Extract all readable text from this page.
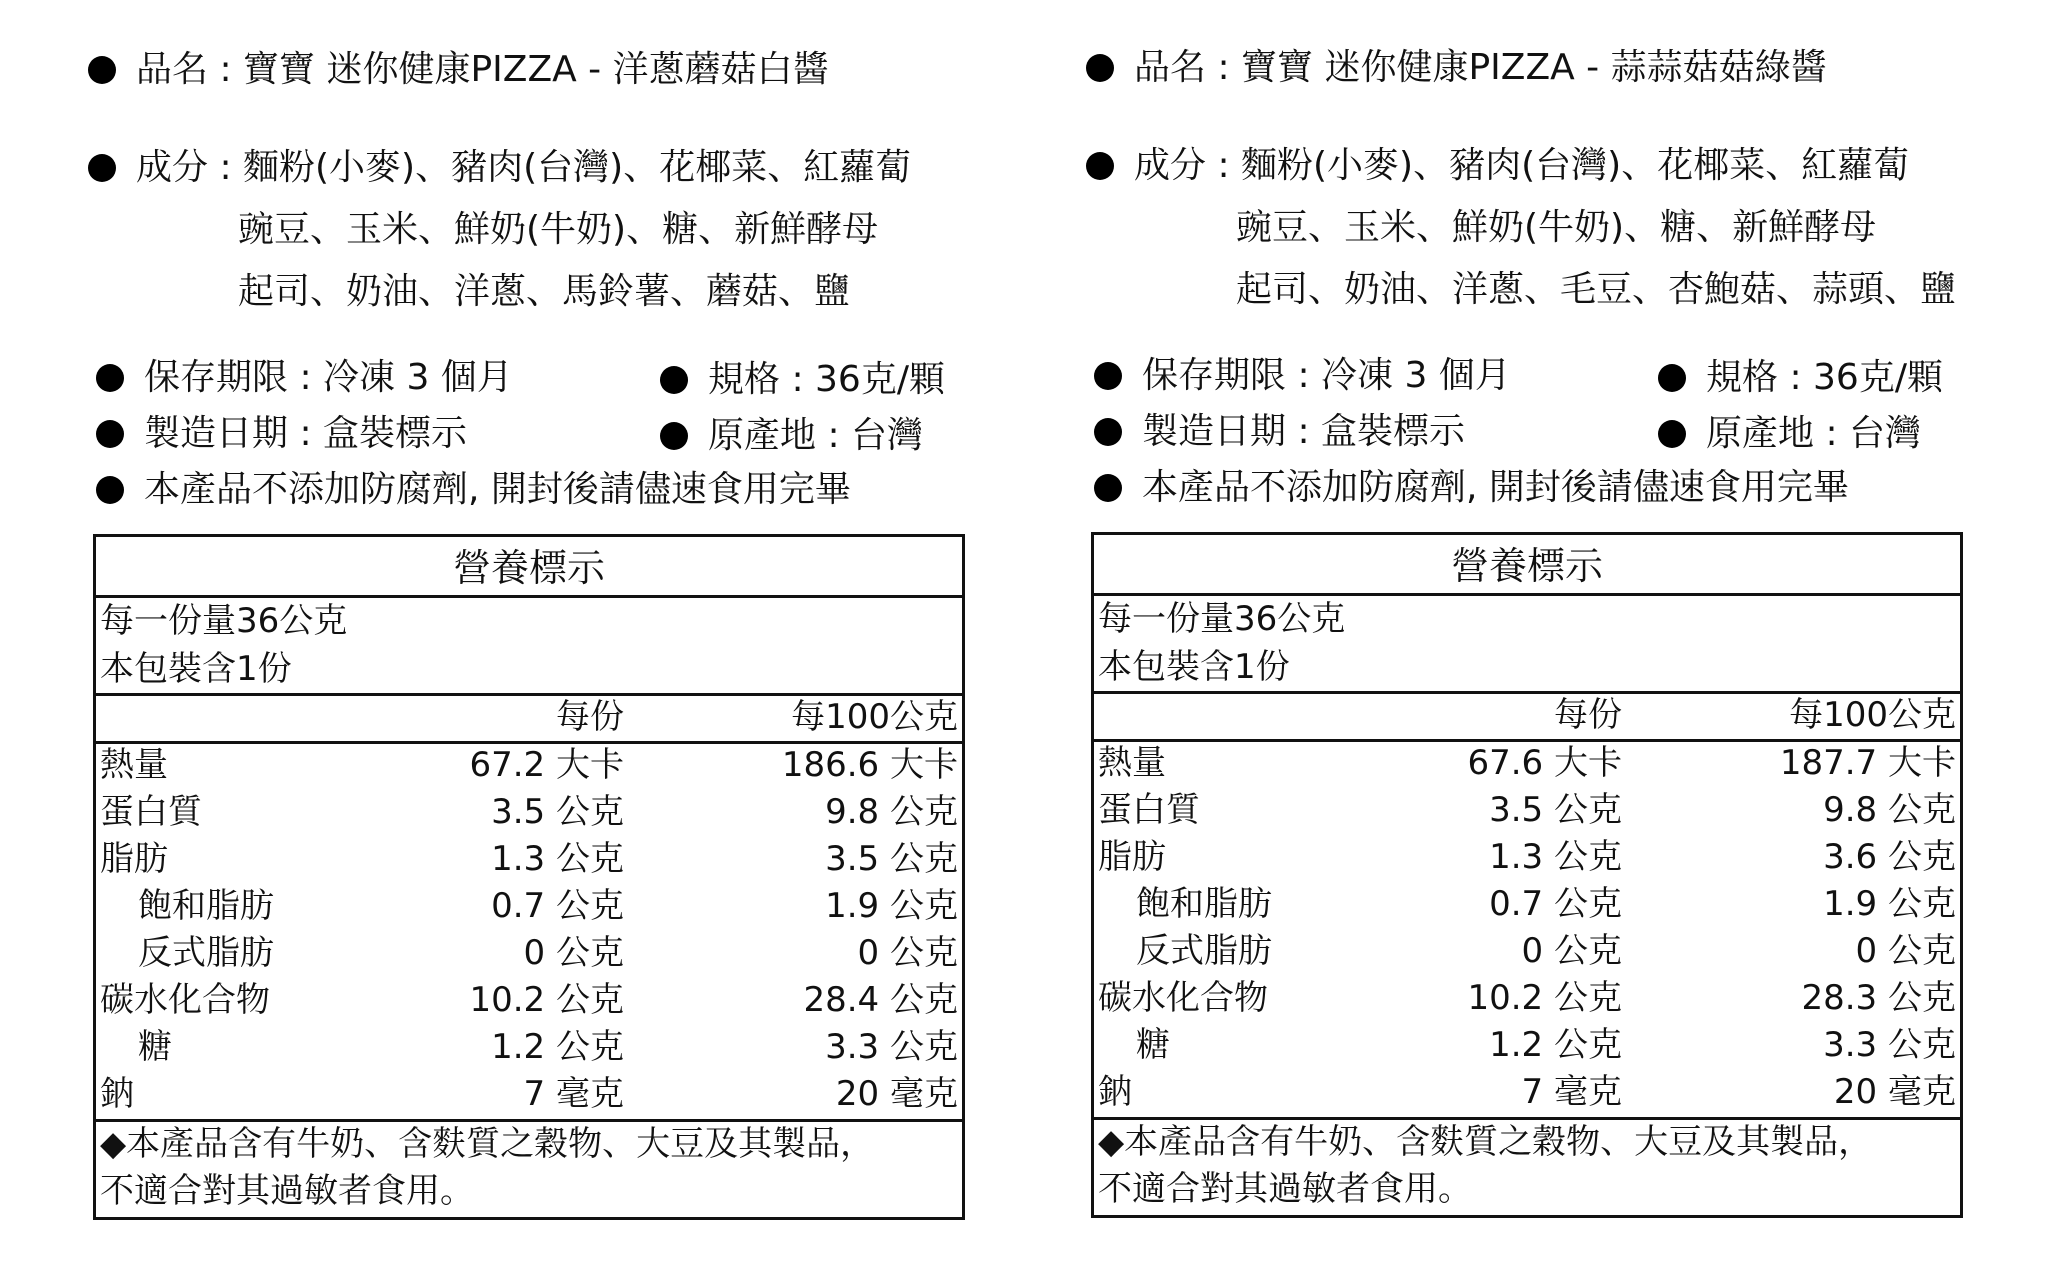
品名 : 寶寶 迷你健康PIZZA - 洋蔥蘑菇白醬
成分 : 麵粉(小麥)、豬肉(台灣)、花椰菜、紅蘿蔔
豌豆、玉米、鮮奶(牛奶)、糖、新鮮酵母
起司、奶油、洋蔥、馬鈴薯、蘑菇、鹽
保存期限 : 冷凍 3 個月	規格 : 36克/顆
製造日期 : 盒裝標示	原產地 : 台灣
本產品不添加防腐劑, 開封後請儘速食用完畢
營養標示
每一份量36公克
本包裝含1份
每份	每100公克
熱量	67.2 大卡	186.6 大卡
蛋白質	3.5 公克	9.8 公克
脂肪	1.3 公克	3.5 公克
飽和脂肪	0.7 公克	1.9 公克
反式脂肪	0 公克	0 公克
碳水化合物	10.2 公克	28.4 公克
糖	1.2 公克	3.3 公克
鈉	7 毫克	20 毫克
◆本產品含有牛奶、含麩質之穀物、大豆及其製品，
不適合對其過敏者食用。
品名 : 寶寶 迷你健康PIZZA - 蒜蒜菇菇綠醬
成分 : 麵粉(小麥)、豬肉(台灣)、花椰菜、紅蘿蔔
豌豆、玉米、鮮奶(牛奶)、糖、新鮮酵母
起司、奶油、洋蔥、毛豆、杏鮑菇、蒜頭、鹽
保存期限 : 冷凍 3 個月	規格 : 36克/顆
製造日期 : 盒裝標示	原產地 : 台灣
本產品不添加防腐劑, 開封後請儘速食用完畢
營養標示
每一份量36公克
本包裝含1份
每份	每100公克
熱量	67.6 大卡	187.7 大卡
蛋白質	3.5 公克	9.8 公克
脂肪	1.3 公克	3.6 公克
飽和脂肪	0.7 公克	1.9 公克
反式脂肪	0 公克	0 公克
碳水化合物	10.2 公克	28.3 公克
糖	1.2 公克	3.3 公克
鈉	7 毫克	20 毫克
◆本產品含有牛奶、含麩質之穀物、大豆及其製品，
不適合對其過敏者食用。
